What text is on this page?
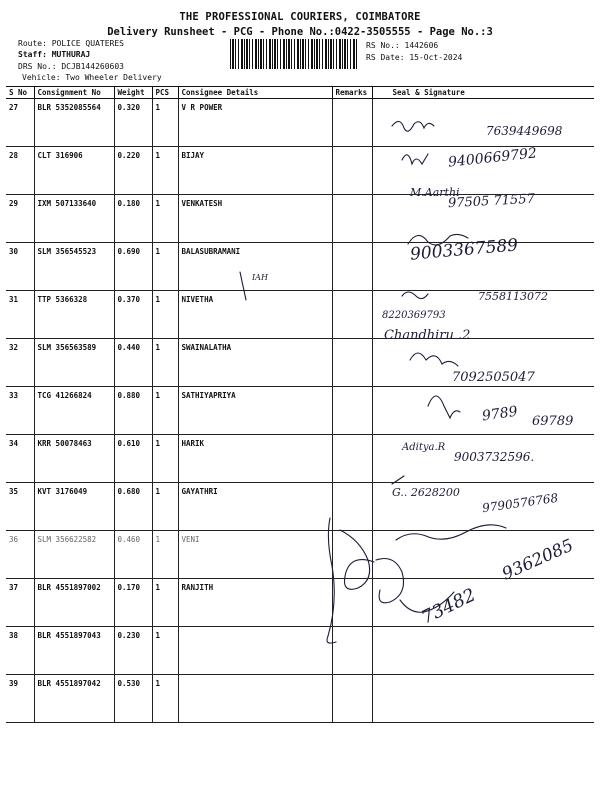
THE PROFESSIONAL COURIERS, COIMBATORE
Delivery Runsheet - PCG - Phone No.:0422-3505555 - Page No.:3
Route: POLICE QUATERES
Staff: MUTHURAJ
DRS No.: DCJB144260603
Vehicle: Two Wheeler Delivery
RS No.: 1442606
RS Date: 15-Oct-2024
S No	Consignment No	Weight	PCS	Consignee Details	Remarks	Seal & Signature
27	BLR 5352085564	0.320	1	V R POWER		
28	CLT 316906	0.220	1	BIJAY		
29	IXM 507133640	0.180	1	VENKATESH		
30	SLM 356545523	0.690	1	BALASUBRAMANI		
31	TTP 5366328	0.370	1	NIVETHA		
32	SLM 356563589	0.440	1	SWAINALATHA		
33	TCG 41266824	0.880	1	SATHIYAPRIYA		
34	KRR 50078463	0.610	1	HARIK		
35	KVT 3176049	0.680	1	GAYATHRI		
36	SLM 356622582	0.460	1	VENI		
37	BLR 4551897002	0.170	1	RANJITH		
38	BLR 4551897043	0.230	1			
39	BLR 4551897042	0.530	1			
7639449698
9400669792
M.Aarthi
97505 71557
9003367589
IAH
7558113072
8220369793
Chandhiru .2
7092505047
9789 69789
Aditya.R
9003732596.
G.. 2628200 9790576768
9362085
73482
